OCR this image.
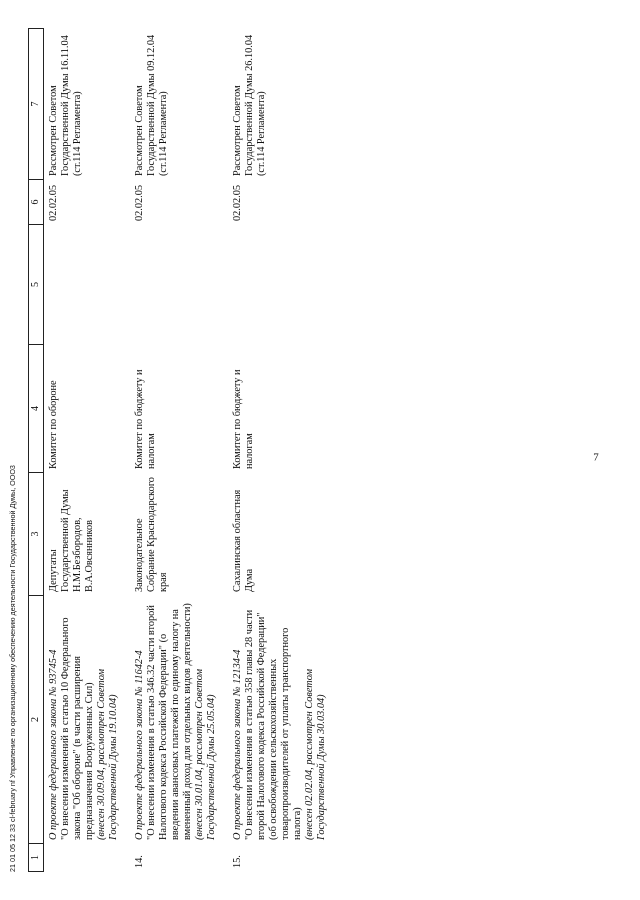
21 01 05 12 33 cl-february nf Управление по организационному обеспечению деятельности Государственной Думы, ООО3 1	2	3	4	5	6	7

	О проекте федерального закона № 93745-4 "О внесении изменений в статью 10 Федерального закона "Об обороне" (в части расширения предназначения Вооруженных Сил) (внесен 30.09.04, рассмотрен Советом Государственной Думы 19.10.04)	Депутаты Государственной Думы Н.М.Безбородов, В.А.Овсянников	Комитет по обороне		02.02.05	Рассмотрен Советом Государственной Думы 16.11.04 (ст.114 Регламента)

14.	О проекте федерального закона № 11642-4 "О внесении изменения в статью 346.32 части второй Налогового кодекса Российской Федерации" (о введении авансовых платежей по единому налогу на вмененный доход для отдельных видов деятельности) (внесен 30.01.04, рассмотрен Советом Государственной Думы 25.05.04)	Законодательное Собрание Краснодарского края	Комитет по бюджету и налогам		02.02.05	Рассмотрен Советом Государственной Думы 09.12.04 (ст.114 Регламента)

15.	О проекте федерального закона № 12134-4 "О внесении изменения в статью 358 главы 28 части второй Налогового кодекса Российской Федерации" (об освобождении сельскохозяйственных товаропроизводителей от уплаты транспортного налога) (внесен 02.02.04, рассмотрен Советом Государственной Думы 30.03.04)	Сахалинская областная Дума	Комитет по бюджету и налогам		02.02.05	Рассмотрен Советом Государственной Думы 26.10.04 (ст.114 Регламента)
7
